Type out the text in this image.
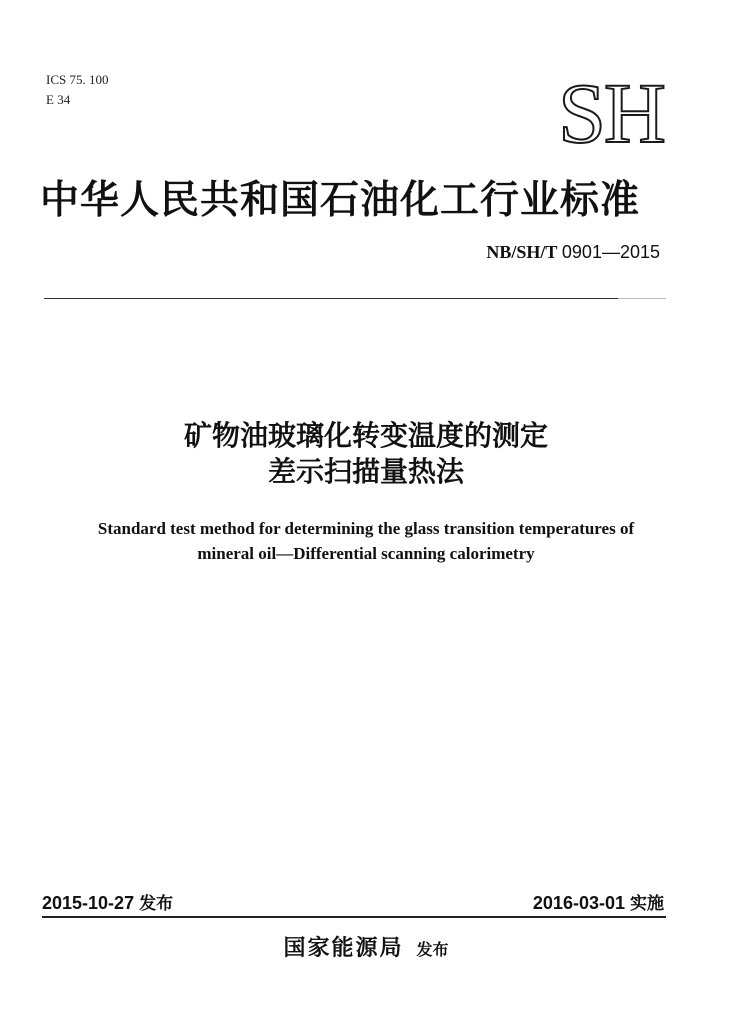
ICS 75. 100
E 34	SH
中华人民共和国石油化工行业标准
NB/SH/T 0901—2015
矿物油玻璃化转变温度的测定
差示扫描量热法
Standard test method for determining the glass transition temperatures of
mineral oil—Differential scanning calorimetry
2015-10-27 发布	2016-03-01 实施
国家能源局 发布
